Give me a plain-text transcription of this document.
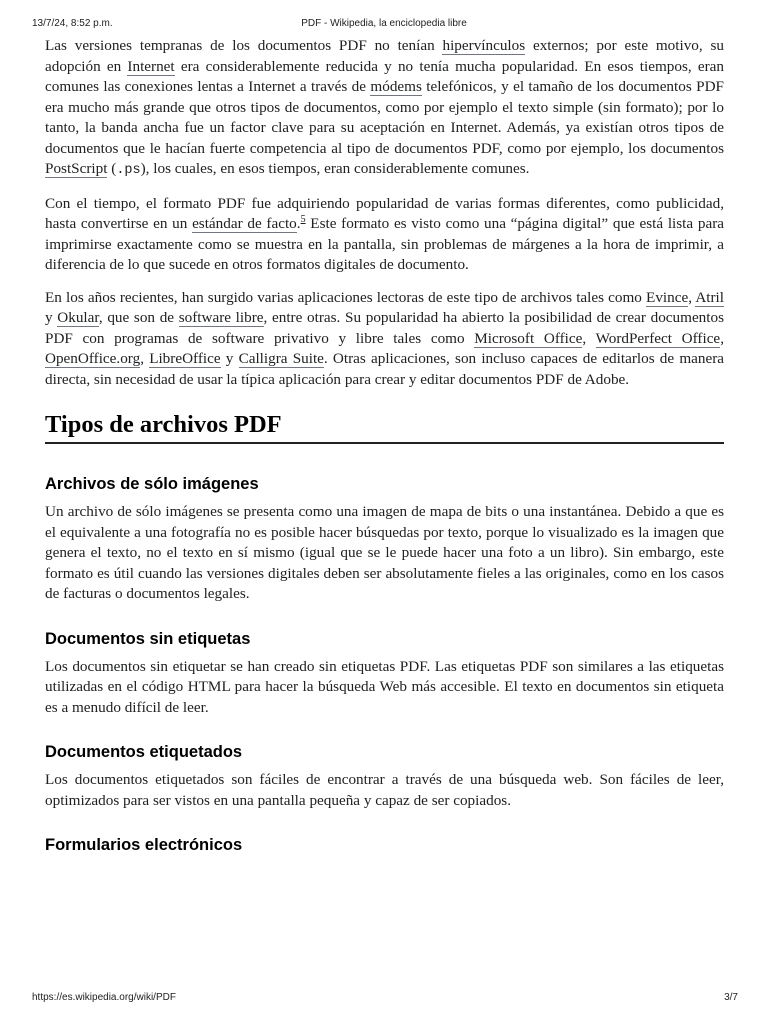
13/7/24, 8:52 p.m.	PDF - Wikipedia, la enciclopedia libre

Las versiones tempranas de los documentos PDF no tenían hipervínculos externos; por este motivo, su adopción en Internet era considerablemente reducida y no tenía mucha popularidad. En esos tiempos, eran comunes las conexiones lentas a Internet a través de módems telefónicos, y el tamaño de los documentos PDF era mucho más grande que otros tipos de documentos, como por ejemplo el texto simple (sin formato); por lo tanto, la banda ancha fue un factor clave para su aceptación en Internet. Además, ya existían otros tipos de documentos que le hacían fuerte competencia al tipo de documentos PDF, como por ejemplo, los documentos PostScript (.ps), los cuales, en esos tiempos, eran considerablemente comunes.

Con el tiempo, el formato PDF fue adquiriendo popularidad de varias formas diferentes, como publicidad, hasta convertirse en un estándar de facto.$^5$ Este formato es visto como una “página digital” que está lista para imprimirse exactamente como se muestra en la pantalla, sin problemas de márgenes a la hora de imprimir, a diferencia de lo que sucede en otros formatos digitales de documento.

En los años recientes, han surgido varias aplicaciones lectoras de este tipo de archivos tales como Evince, Atril y Okular, que son de software libre, entre otras. Su popularidad ha abierto la posibilidad de crear documentos PDF con programas de software privativo y libre tales como Microsoft Office, WordPerfect Office, OpenOffice.org, LibreOffice y Calligra Suite. Otras aplicaciones, son incluso capaces de editarlos de manera directa, sin necesidad de usar la típica aplicación para crear y editar documentos PDF de Adobe.

Tipos de archivos PDF
Archivos de sólo imágenes

Un archivo de sólo imágenes se presenta como una imagen de mapa de bits o una instantánea. Debido a que es el equivalente a una fotografía no es posible hacer búsquedas por texto, porque lo visualizado es la imagen que genera el texto, no el texto en sí mismo (igual que se le puede hacer una foto a un libro). Sin embargo, este formato es útil cuando las versiones digitales deben ser absolutamente fieles a las originales, como en los casos de facturas o documentos legales.

Documentos sin etiquetas

Los documentos sin etiquetar se han creado sin etiquetas PDF. Las etiquetas PDF son similares a las etiquetas utilizadas en el código HTML para hacer la búsqueda Web más accesible. El texto en documentos sin etiqueta es a menudo difícil de leer.

Documentos etiquetados

Los documentos etiquetados son fáciles de encontrar a través de una búsqueda web. Son fáciles de leer, optimizados para ser vistos en una pantalla pequeña y capaz de ser copiados.

Formularios electrónicos
https://es.wikipedia.org/wiki/PDF	3/7
